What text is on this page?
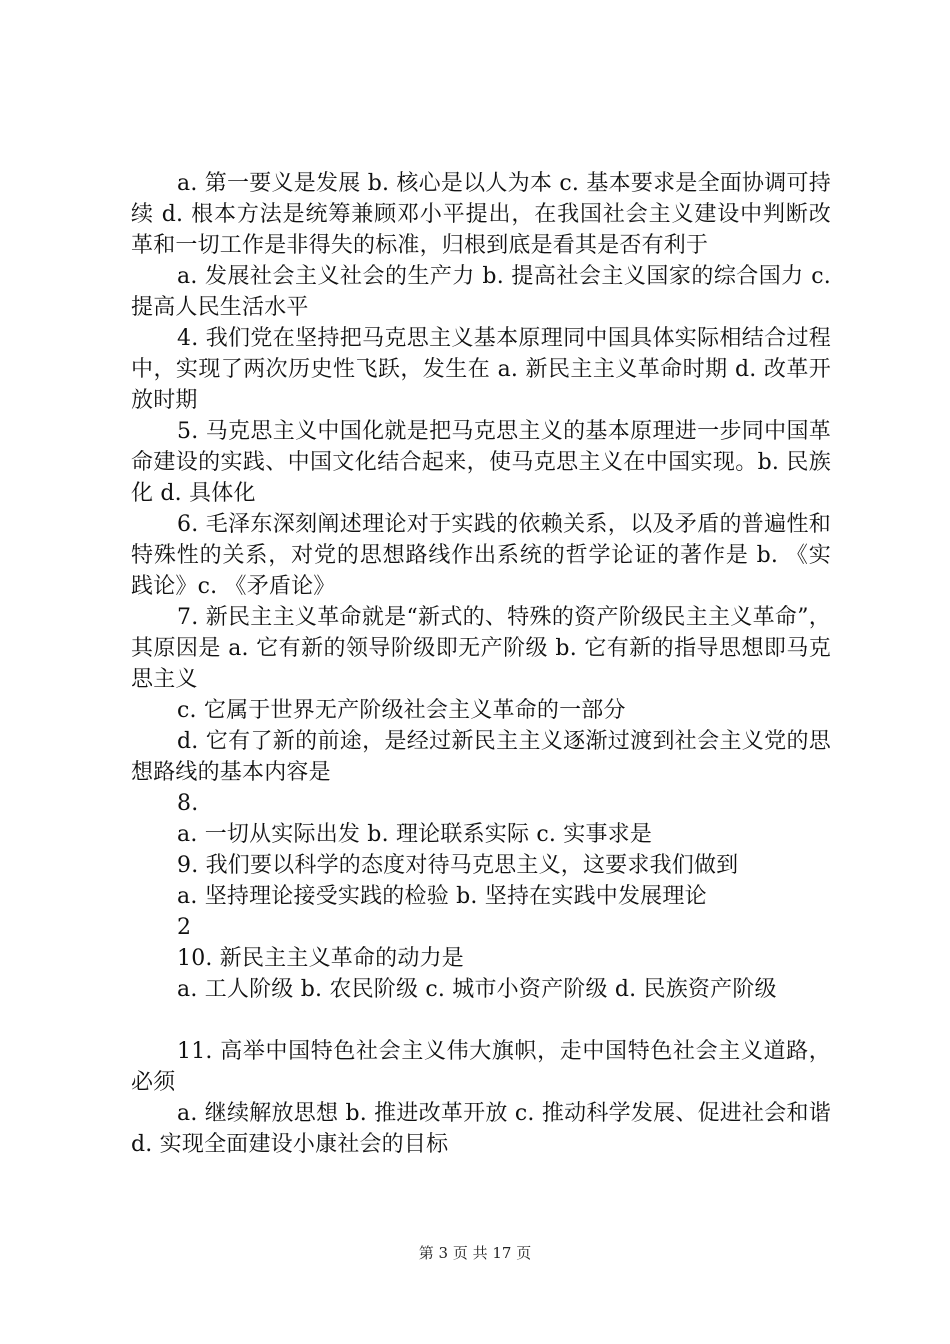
a. 第一要义是发展 b. 核心是以人为本 c. 基本要求是全面协调可持续 d. 根本方法是统筹兼顾邓小平提出，在我国社会主义建设中判断改革和一切工作是非得失的标准，归根到底是看其是否有利于

a. 发展社会主义社会的生产力 b. 提高社会主义国家的综合国力 c. 提高人民生活水平

4. 我们党在坚持把马克思主义基本原理同中国具体实际相结合过程中，实现了两次历史性飞跃，发生在 a. 新民主主义革命时期 d. 改革开放时期

5. 马克思主义中国化就是把马克思主义的基本原理进一步同中国革命建设的实践、中国文化结合起来，使马克思主义在中国实现。b. 民族化 d. 具体化

6. 毛泽东深刻阐述理论对于实践的依赖关系，以及矛盾的普遍性和特殊性的关系，对党的思想路线作出系统的哲学论证的著作是 b. 《实践论》c. 《矛盾论》

7. 新民主主义革命就是“新式的、特殊的资产阶级民主主义革命”，其原因是 a. 它有新的领导阶级即无产阶级 b. 它有新的指导思想即马克思主义

c. 它属于世界无产阶级社会主义革命的一部分

d. 它有了新的前途，是经过新民主主义逐渐过渡到社会主义党的思想路线的基本内容是

8.

a. 一切从实际出发 b. 理论联系实际 c. 实事求是

9. 我们要以科学的态度对待马克思主义，这要求我们做到

a. 坚持理论接受实践的检验 b. 坚持在实践中发展理论

2

10. 新民主主义革命的动力是

a. 工人阶级 b. 农民阶级 c. 城市小资产阶级 d. 民族资产阶级

11. 高举中国特色社会主义伟大旗帜，走中国特色社会主义道路，必须

a. 继续解放思想 b. 推进改革开放 c. 推动科学发展、促进社会和谐 d. 实现全面建设小康社会的目标

第 3 页 共 17 页
